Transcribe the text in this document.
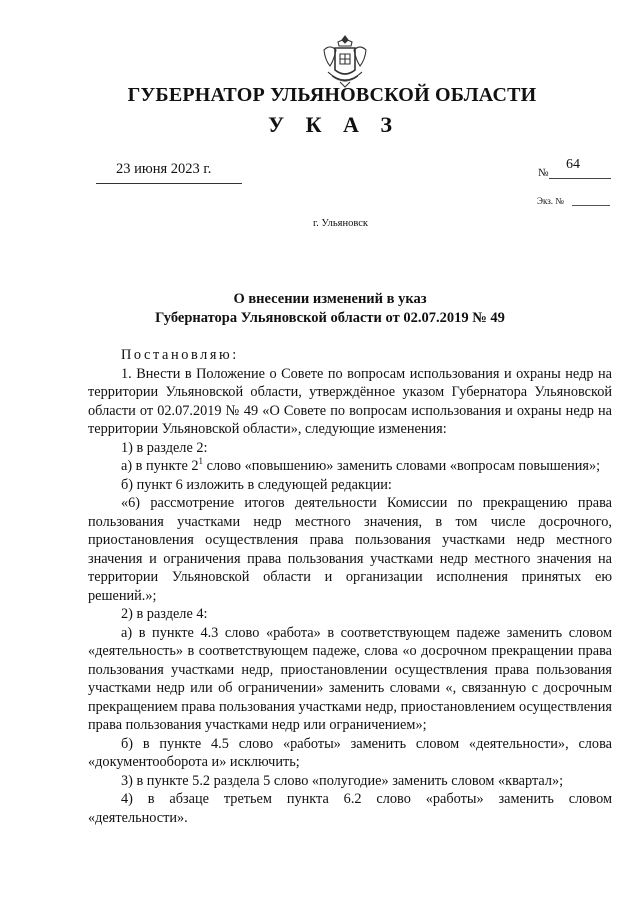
ГУБЕРНАТОР УЛЬЯНОВСКОЙ ОБЛАСТИ
У К А З
23 июня 2023 г.	№
64
Экз. №
г. Ульяновск
О внесении изменений в указ
Губернатора Ульяновской области от 02.07.2019 № 49

Постановляю:

1. Внести в Положение о Совете по вопросам использования и охраны недр на территории Ульяновской области, утверждённое указом Губернатора Ульяновской области от 02.07.2019 № 49 «О Совете по вопросам использования и охраны недр на территории Ульяновской области», следующие изменения:

1) в разделе 2:

а) в пункте $2^1$ слово «повышению» заменить словами «вопросам повышения»;

б) пункт 6 изложить в следующей редакции:

«6) рассмотрение итогов деятельности Комиссии по прекращению права пользования участками недр местного значения, в том числе досрочного, приостановления осуществления права пользования участками недр местного значения и ограничения права пользования участками недр местного значения на территории Ульяновской области и организации исполнения принятых ею решений.»;

2) в разделе 4:

а) в пункте 4.3 слово «работа» в соответствующем падеже заменить словом «деятельность» в соответствующем падеже, слова «о досрочном прекращении права пользования участками недр, приостановлении осуществления права пользования участками недр или об ограничении» заменить словами «, связанную с досрочным прекращением права пользования участками недр, приостановлением осуществления права пользования участками недр или ограничением»;

б) в пункте 4.5 слово «работы» заменить словом «деятельности», слова «документооборота и» исключить;

3) в пункте 5.2 раздела 5 слово «полугодие» заменить словом «квартал»;

4) в абзаце третьем пункта 6.2 слово «работы» заменить словом «деятельности».
